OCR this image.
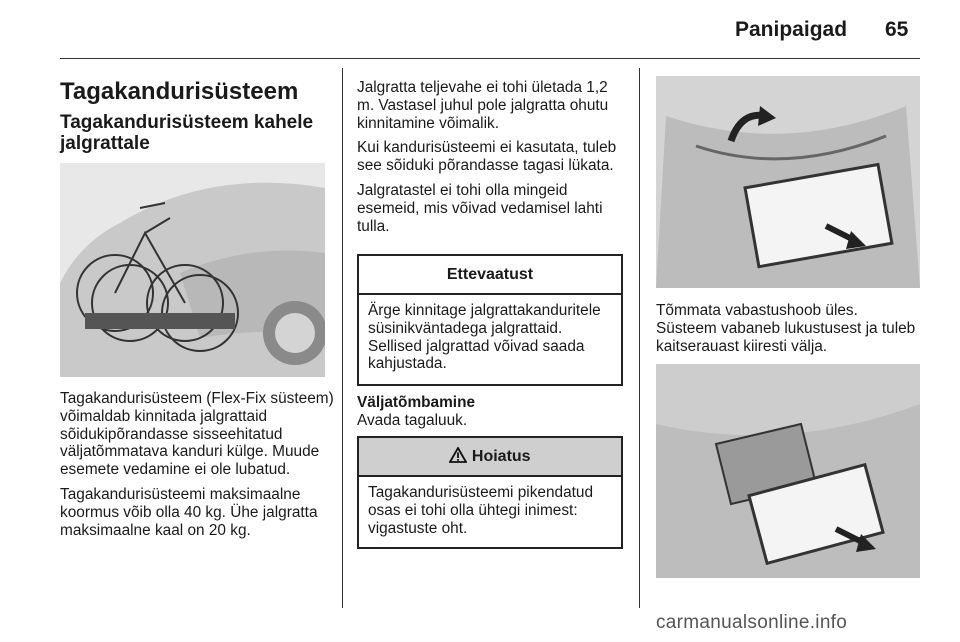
Panipaigad 65
Tagakandurisüsteem
Tagakandurisüsteem kahele jalgrattale

Tagakandurisüsteem (Flex-Fix süsteem) võimaldab kinnitada jalgrattaid sõidukipõrandasse sisseehitatud väljatõmmatava kanduri külge. Muude esemete vedamine ei ole lubatud.

Tagakandurisüsteemi maksimaalne koormus võib olla 40 kg. Ühe jalgratta maksimaalne kaal on 20 kg.

Jalgratta teljevahe ei tohi ületada 1,2 m. Vastasel juhul pole jalgratta ohutu kinnitamine võimalik.

Kui kandurisüsteemi ei kasutata, tuleb see sõiduki põrandasse tagasi lükata.

Jalgratastel ei tohi olla mingeid esemeid, mis võivad vedamisel lahti tulla.

Ettevaatust
Ärge kinnitage jalgrattakanduritele süsinikväntadega jalgrattaid. Sellised jalgrattad võivad saada kahjustada.
Väljatõmbamine
Avada tagaluuk.
Hoiatus
Tagakandurisüsteemi pikendatud osas ei tohi olla ühtegi inimest: vigastuste oht.

Tõmmata vabastushoob üles. Süsteem vabaneb lukustusest ja tuleb kaitserauast kiiresti välja.

carmanualsonline.info
